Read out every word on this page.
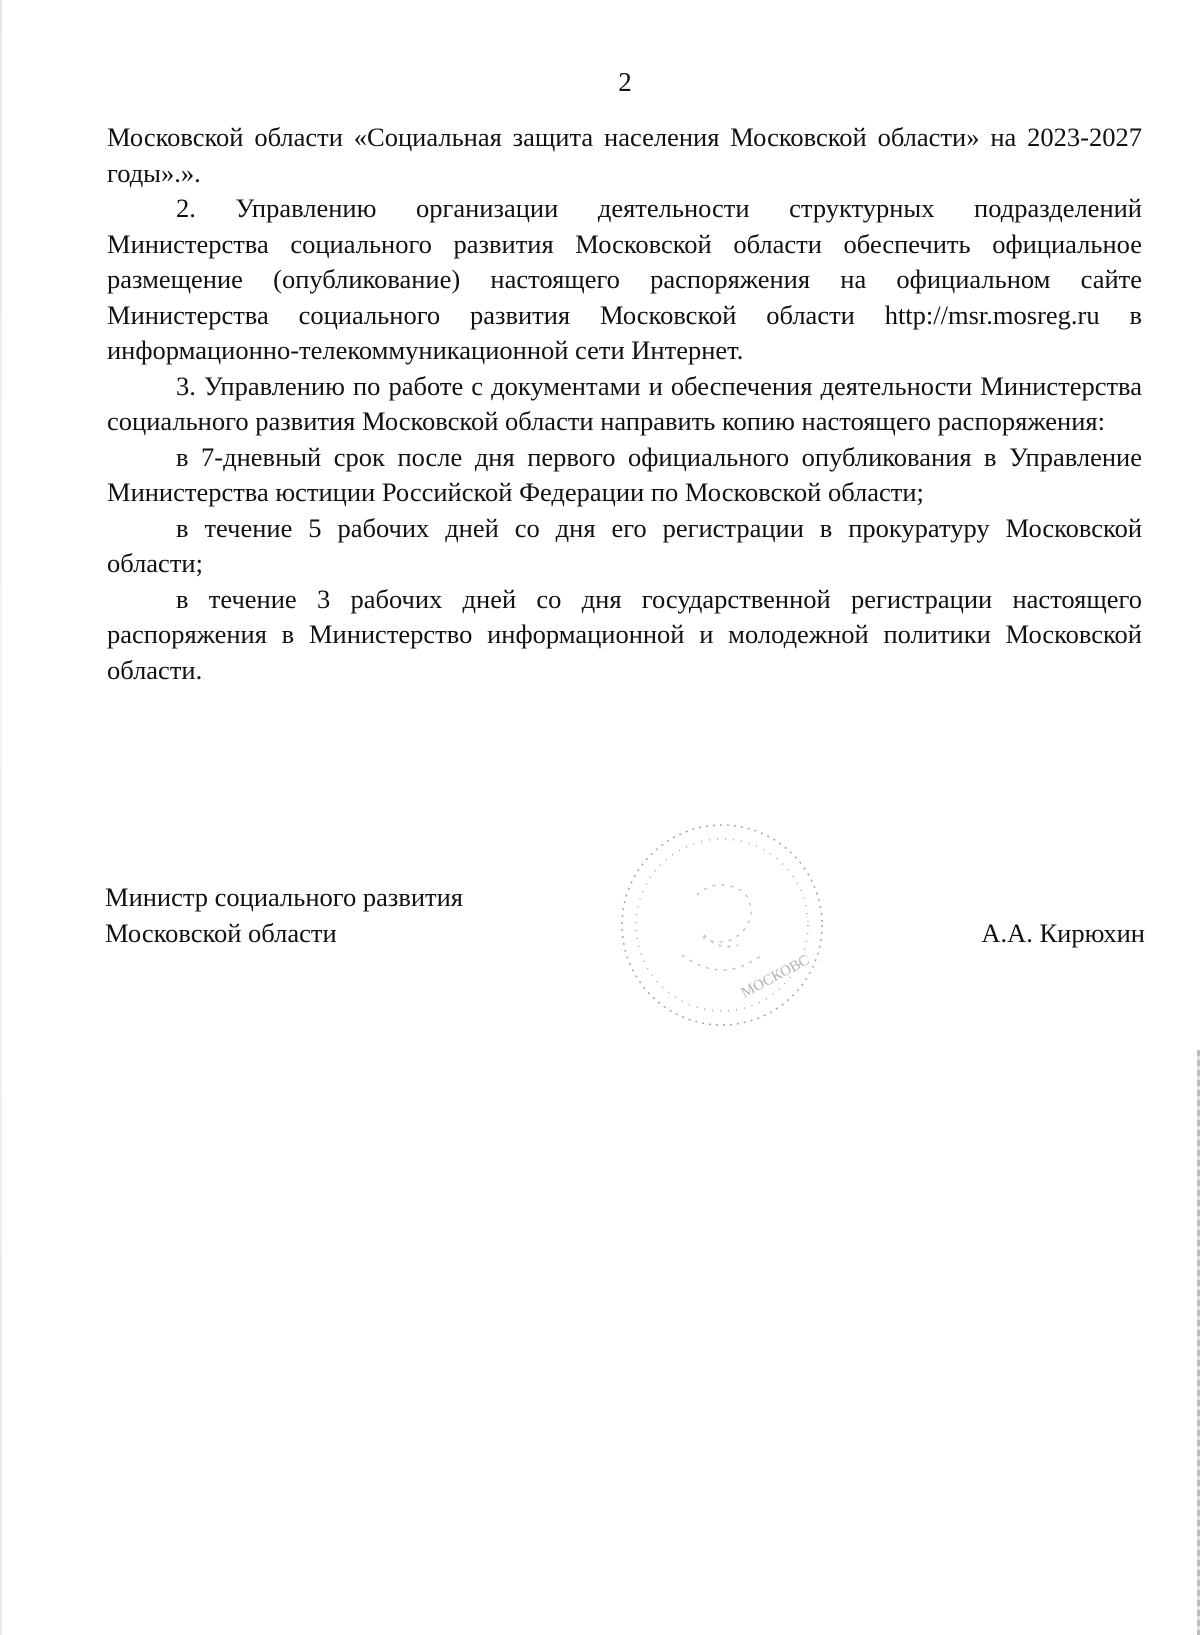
2

Московской области «Социальная защита населения Московской области» на 2023-2027 годы».».

2. Управлению организации деятельности структурных подразделений Министерства социального развития Московской области обеспечить официальное размещение (опубликование) настоящего распоряжения на официальном сайте Министерства социального развития Московской области http://msr.mosreg.ru в информационно-телекоммуникационной сети Интернет.

3. Управлению по работе с документами и обеспечения деятельности Министерства социального развития Московской области направить копию настоящего распоряжения:

в 7-дневный срок после дня первого официального опубликования в Управление Министерства юстиции Российской Федерации по Московской области;

в течение 5 рабочих дней со дня его регистрации в прокуратуру Московской области;

в течение 3 рабочих дней со дня государственной регистрации настоящего распоряжения в Министерство информационной и молодежной политики Московской области.

МОСКОВС
Министр социального развития
Московской области	А.А. Кирюхин
